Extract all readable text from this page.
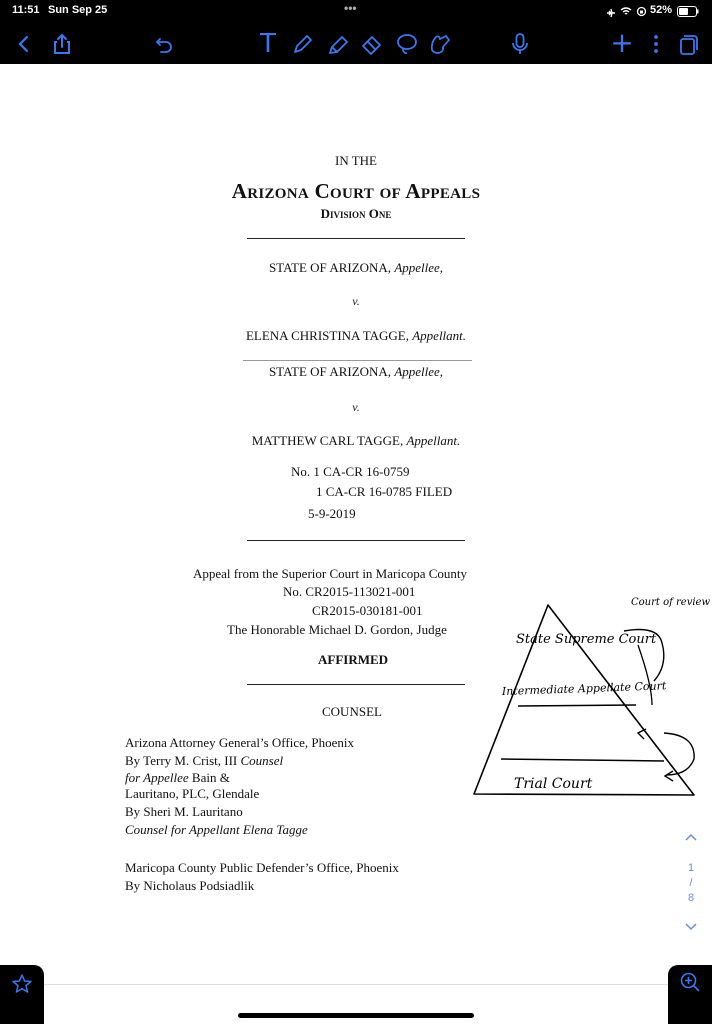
11:51 Sun Sep 25	•••	52%
T	+
IN THE
Arizona Court of Appeals
Division One
STATE OF ARIZONA, Appellee,
v.
ELENA CHRISTINA TAGGE, Appellant.
STATE OF ARIZONA, Appellee,
v.
MATTHEW CARL TAGGE, Appellant.
No. 1 CA-CR 16-0759
1 CA-CR 16-0785 FILED
5-9-2019
Appeal from the Superior Court in Maricopa County
No. CR2015-113021-001
CR2015-030181-001
The Honorable Michael D. Gordon, Judge
AFFIRMED
COUNSEL
Arizona Attorney General’s Office, Phoenix
By Terry M. Crist, III Counsel
for Appellee Bain &
Lauritano, PLC, Glendale
By Sheri M. Lauritano
Counsel for Appellant Elena Tagge
Maricopa County Public Defender’s Office, Phoenix
By Nicholaus Podsiadlik
State Supreme Court
Intermediate Appellate Court
Trial Court
Court of review
1
/
8
